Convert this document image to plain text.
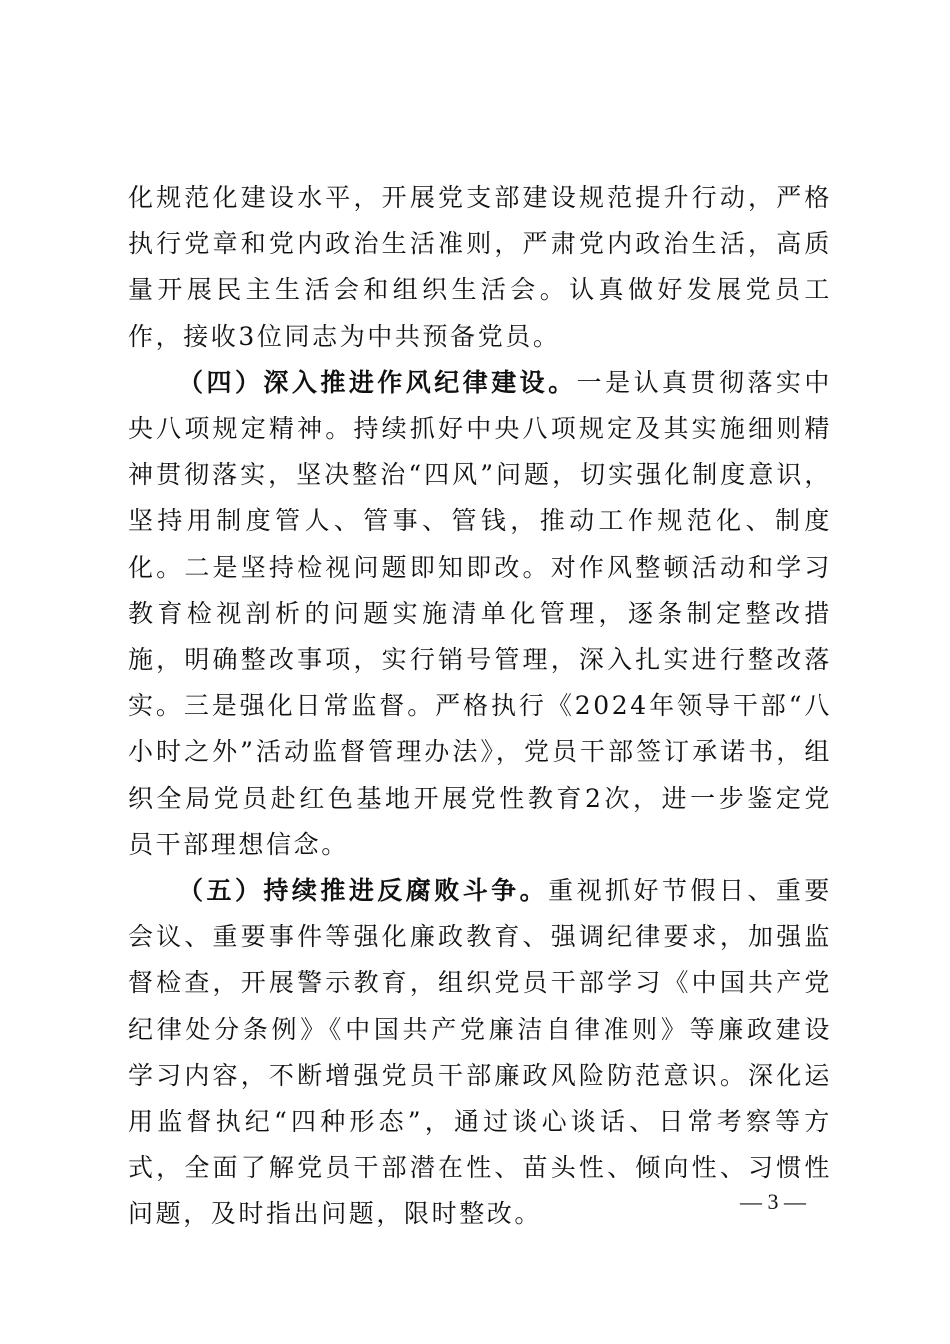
化规范化建设水平，开展党支部建设规范提升行动，严格执行党章和党内政治生活准则，严肃党内政治生活，高质量开展民主生活会和组织生活会。认真做好发展党员工作，接收3位同志为中共预备党员。

（四）深入推进作风纪律建设。一是认真贯彻落实中央八项规定精神。持续抓好中央八项规定及其实施细则精神贯彻落实，坚决整治“四风”问题，切实强化制度意识，坚持用制度管人、管事、管钱，推动工作规范化、制度化。二是坚持检视问题即知即改。对作风整顿活动和学习教育检视剖析的问题实施清单化管理，逐条制定整改措施，明确整改事项，实行销号管理，深入扎实进行整改落实。三是强化日常监督。严格执行《2024年领导干部“八小时之外”活动监督管理办法》，党员干部签订承诺书，组织全局党员赴红色基地开展党性教育2次，进一步鉴定党员干部理想信念。

（五）持续推进反腐败斗争。重视抓好节假日、重要会议、重要事件等强化廉政教育、强调纪律要求，加强监督检查，开展警示教育，组织党员干部学习《中国共产党纪律处分条例》《中国共产党廉洁自律准则》等廉政建设学习内容，不断增强党员干部廉政风险防范意识。深化运用监督执纪“四种形态”，通过谈心谈话、日常考察等方式，全面了解党员干部潜在性、苗头性、倾向性、习惯性问题，及时指出问题，限时整改。	— 3 —
